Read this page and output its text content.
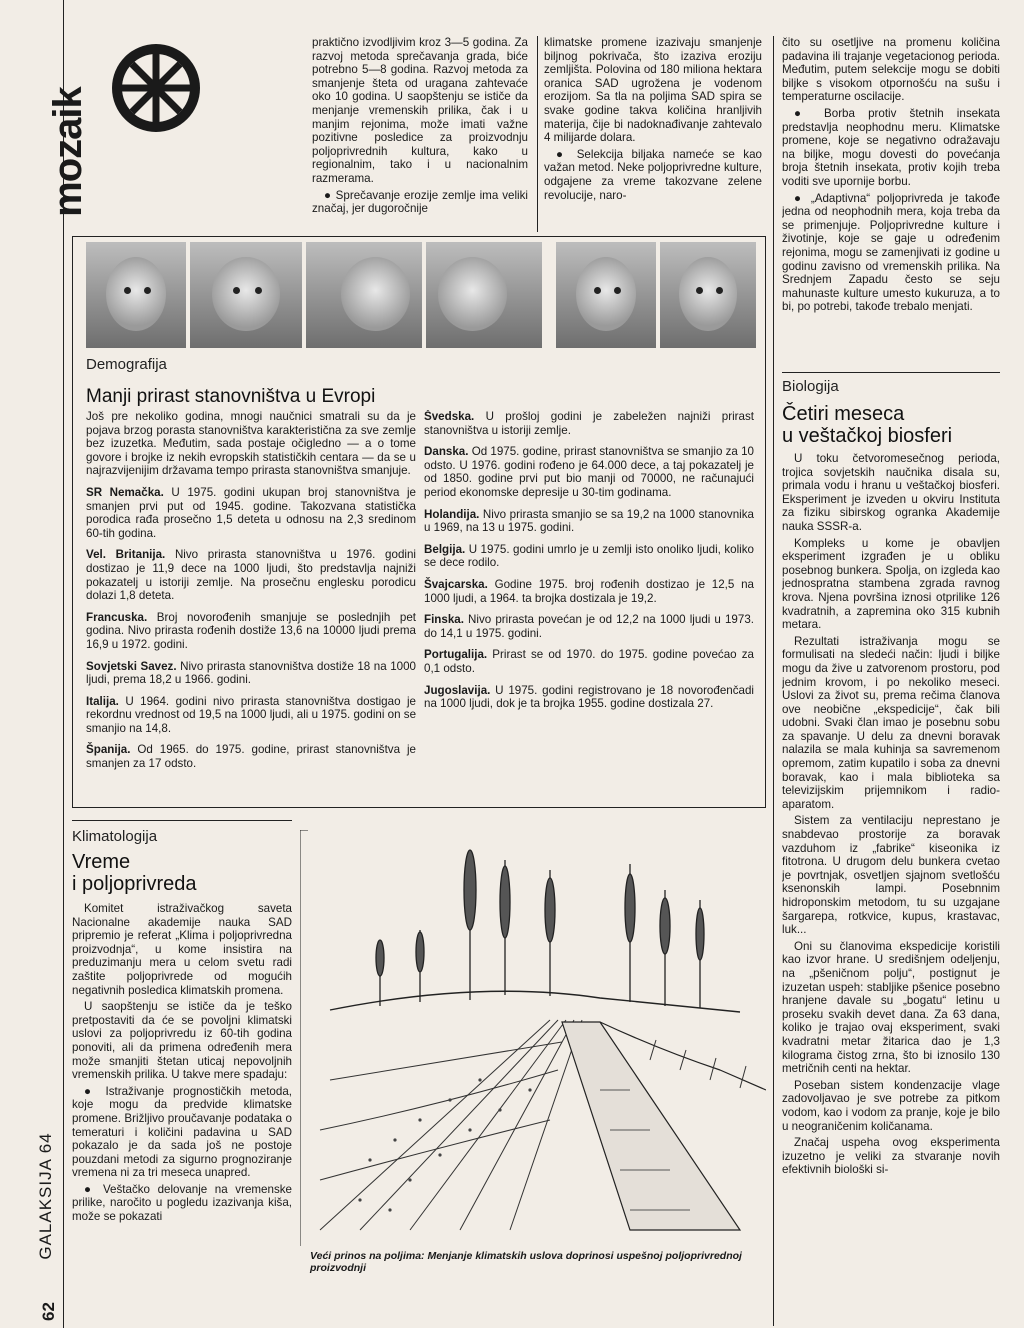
mozaik
GALAKSIJA 64
62

praktično izvodljivim kroz 3—5 godina. Za razvoj metoda sprečavanja grada, biće potrebno 5—8 godina. Razvoj metoda za smanjenje šteta od uragana zahtevaće oko 10 godina. U saopštenju se ističe da menjanje vremenskih prilika, čak i u manjim rejonima, može imati važne pozitivne posledice za proizvodnju poljoprivrednih kultura, kako u regionalnim, tako i u nacionalnim razmerama.

● Sprečavanje erozije zemlje ima veliki značaj, jer dugoročnije

klimatske promene izazivaju smanjenje biljnog pokrivača, što izaziva eroziju zemljišta. Polovina od 180 miliona hektara oranica SAD ugrožena je vodenom erozijom. Sa tla na poljima SAD spira se svake godine takva količina hranljivih materija, čije bi nadoknađivanje zahtevalo 4 milijarde dolara.

● Selekcija biljaka nameće se kao važan metod. Neke poljoprivredne kulture, odgajene za vreme takozvane zelene revolucije, naro-

čito su osetljive na promenu količina padavina ili trajanje vegetacionog perioda. Međutim, putem selekcije mogu se dobiti biljke s visokom otpornošću na sušu i temperaturne oscilacije.

● Borba protiv štetnih insekata predstavlja neophodnu meru. Klimatske promene, koje se negativno odražavaju na biljke, mogu dovesti do povećanja broja štetnih insekata, protiv kojih treba voditi sve upornije borbu.

● „Adaptivna“ poljoprivreda je takođe jedna od neophodnih mera, koja treba da se primenjuje. Poljoprivredne kulture i životinje, koje se gaje u određenim rejonima, mogu se zamenjivati iz godine u godinu zavisno od vremenskih prilika. Na Srednjem Zapadu često se seju mahunaste kulture umesto kukuruza, a to bi, po potrebi, takođe trebalo menjati.

Biologija
Četiri meseca
u veštačkoj biosferi

U toku četvoromesečnog perioda, trojica sovjetskih naučnika disala su, primala vodu i hranu u veštačkoj biosferi. Eksperiment je izveden u okviru Instituta za fiziku sibirskog ogranka Akademije nauka SSSR-a.

Kompleks u kome je obavljen eksperiment izgrađen je u obliku posebnog bunkera. Spolja, on izgleda kao jednospratna stambena zgrada ravnog krova. Njena površina iznosi otprilike 126 kvadratnih, a zapremina oko 315 kubnih metara.

Rezultati istraživanja mogu se formulisati na sledeći način: ljudi i biljke mogu da žive u zatvorenom prostoru, pod jednim krovom, i po nekoliko meseci. Uslovi za život su, prema rečima članova ove neobične „ekspedicije“, čak bili udobni. Svaki član imao je posebnu sobu za spavanje. U delu za dnevni boravak nalazila se mala kuhinja sa savremenom opremom, zatim kupatilo i soba za dnevni boravak, kao i mala biblioteka sa televizijskim prijemnikom i radio-aparatom.

Sistem za ventilaciju neprestano je snabdevao prostorije za boravak vazduhom iz „fabrike“ kiseonika iz fitotrona. U drugom delu bunkera cvetao je povrtnjak, osvetljen sjajnom svetlošću ksenonskih lampi. Posebnnim hidroponskim metodom, tu su uzgajane šargarepa, rotkvice, kupus, krastavac, luk...

Oni su članovima ekspedicije koristili kao izvor hrane. U središnjem odeljenju, na „pšeničnom polju“, postignut je izuzetan uspeh: stabljike pšenice posebno hranjene davale su „bogatu“ letinu u proseku svakih devet dana. Za 63 dana, koliko je trajao ovaj eksperiment, svaki kvadratni metar žitarica dao je 1,3 kilograma čistog zrna, što bi iznosilo 130 metričnih centi na hektar.

Poseban sistem kondenzacije vlage zadovoljavao je sve potrebe za pitkom vodom, kao i vodom za pranje, koje je bilo u neograničenim količanama.

Značaj uspeha ovog eksperimenta izuzetno je veliki za stvaranje novih efektivnih biološki si-

Demografija
Manji prirast stanovništva u Evropi

Još pre nekoliko godina, mnogi naučnici smatrali su da je pojava brzog porasta stanovništva karakteristična za sve zemlje bez izuzetka. Međutim, sada postaje očigledno — a o tome govore i brojke iz nekih evropskih statističkih centara — da se u najrazvijenijim državama tempo prirasta stanovništva smanjuje.

SR Nemačka. U 1975. godini ukupan broj stanovništva je smanjen prvi put od 1945. godine. Takozvana statistička porodica rađa prosečno 1,5 deteta u odnosu na 2,3 sredinom 60-tih godina.

Vel. Britanija. Nivo prirasta stanovništva u 1976. godini dostizao je 11,9 dece na 1000 ljudi, što predstavlja najniži pokazatelj u istoriji zemlje. Na prosečnu englesku porodicu dolazi 1,8 deteta.

Francuska. Broj novorođenih smanjuje se poslednjih pet godina. Nivo prirasta rođenih dostiže 13,6 na 10000 ljudi prema 16,9 u 1972. godini.

Sovjetski Savez. Nivo prirasta stanovništva dostiže 18 na 1000 ljudi, prema 18,2 u 1966. godini.

Italija. U 1964. godini nivo prirasta stanovništva dostigao je rekordnu vrednost od 19,5 na 1000 ljudi, ali u 1975. godini on se smanjio na 14,8.

Španija. Od 1965. do 1975. godine, prirast stanovništva je smanjen za 17 odsto.

Švedska. U prošloj godini je zabeležen najniži prirast stanovništva u istoriji zemlje.

Danska. Od 1975. godine, prirast stanovništva se smanjio za 10 odsto. U 1976. godini rođeno je 64.000 dece, a taj pokazatelj je od 1850. godine prvi put bio manji od 70000, ne računajući period ekonomske depresije u 30-tim godinama.

Holandija. Nivo prirasta smanjio se sa 19,2 na 1000 stanovnika u 1969, na 13 u 1975. godini.

Belgija. U 1975. godini umrlo je u zemlji isto onoliko ljudi, koliko se dece rodilo.

Švajcarska. Godine 1975. broj rođenih dostizao je 12,5 na 1000 ljudi, a 1964. ta brojka dostizala je 19,2.

Finska. Nivo prirasta povećan je od 12,2 na 1000 ljudi u 1973. do 14,1 u 1975. godini.

Portugalija. Prirast se od 1970. do 1975. godine povećao za 0,1 odsto.

Jugoslavija. U 1975. godini registrovano je 18 novorođenčadi na 1000 ljudi, dok je ta brojka 1955. godine dostizala 27.

Klimatologija
Vreme
i poljoprivreda

Komitet istraživačkog saveta Nacionalne akademije nauka SAD pripremio je referat „Klima i poljoprivredna proizvodnja“, u kome insistira na preduzimanju mera u celom svetu radi zaštite poljoprivrede od mogućih negativnih posledica klimatskih promena.

U saopštenju se ističe da je teško pretpostaviti da će se povoljni klimatski uslovi za poljoprivredu iz 60-tih godina ponoviti, ali da primena određenih mera može smanjiti štetan uticaj nepovoljnih vremenskih prilika. U takve mere spadaju:

● Istraživanje prognostičkih metoda, koje mogu da predvide klimatske promene. Brižljivo proučavanje podataka o temeraturi i količini padavina u SAD pokazalo je da sada još ne postoje pouzdani metodi za sigurno prognoziranje vremena ni za tri meseca unapred.

● Veštačko delovanje na vremenske prilike, naročito u pogledu izazivanja kiša, može se pokazati

Veći prinos na poljima: Menjanje klimatskih uslova doprinosi uspešnoj poljoprivrednoj proizvodnji
